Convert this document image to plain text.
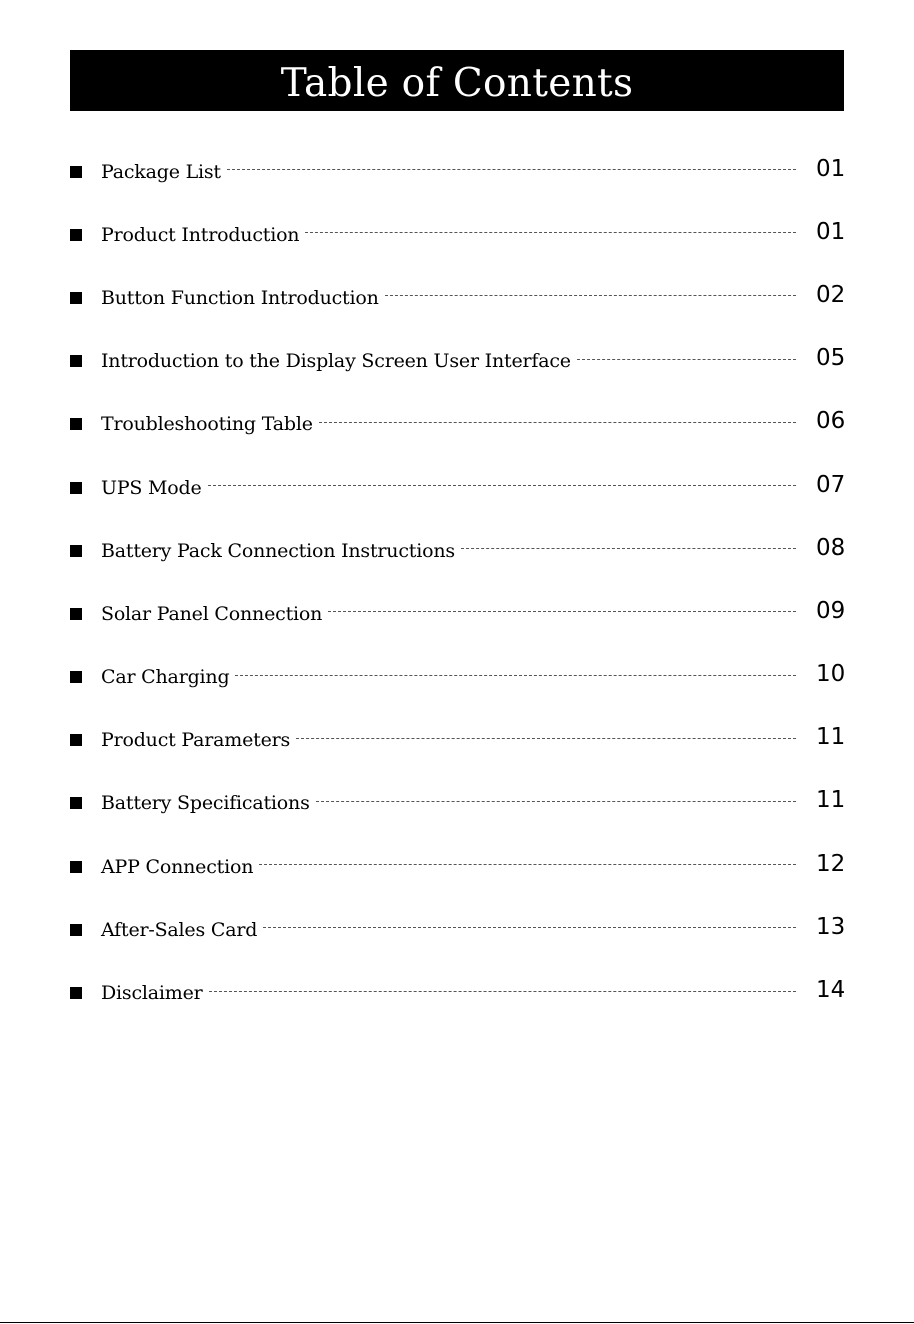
Table of Contents
Package List	01
Product Introduction	01
Button Function Introduction	02
Introduction to the Display Screen User Interface	05
Troubleshooting Table	06
UPS Mode	07
Battery Pack Connection Instructions	08
Solar Panel Connection	09
Car Charging	10
Product Parameters	11
Battery Specifications	11
APP Connection	12
After-Sales Card	13
Disclaimer	14
